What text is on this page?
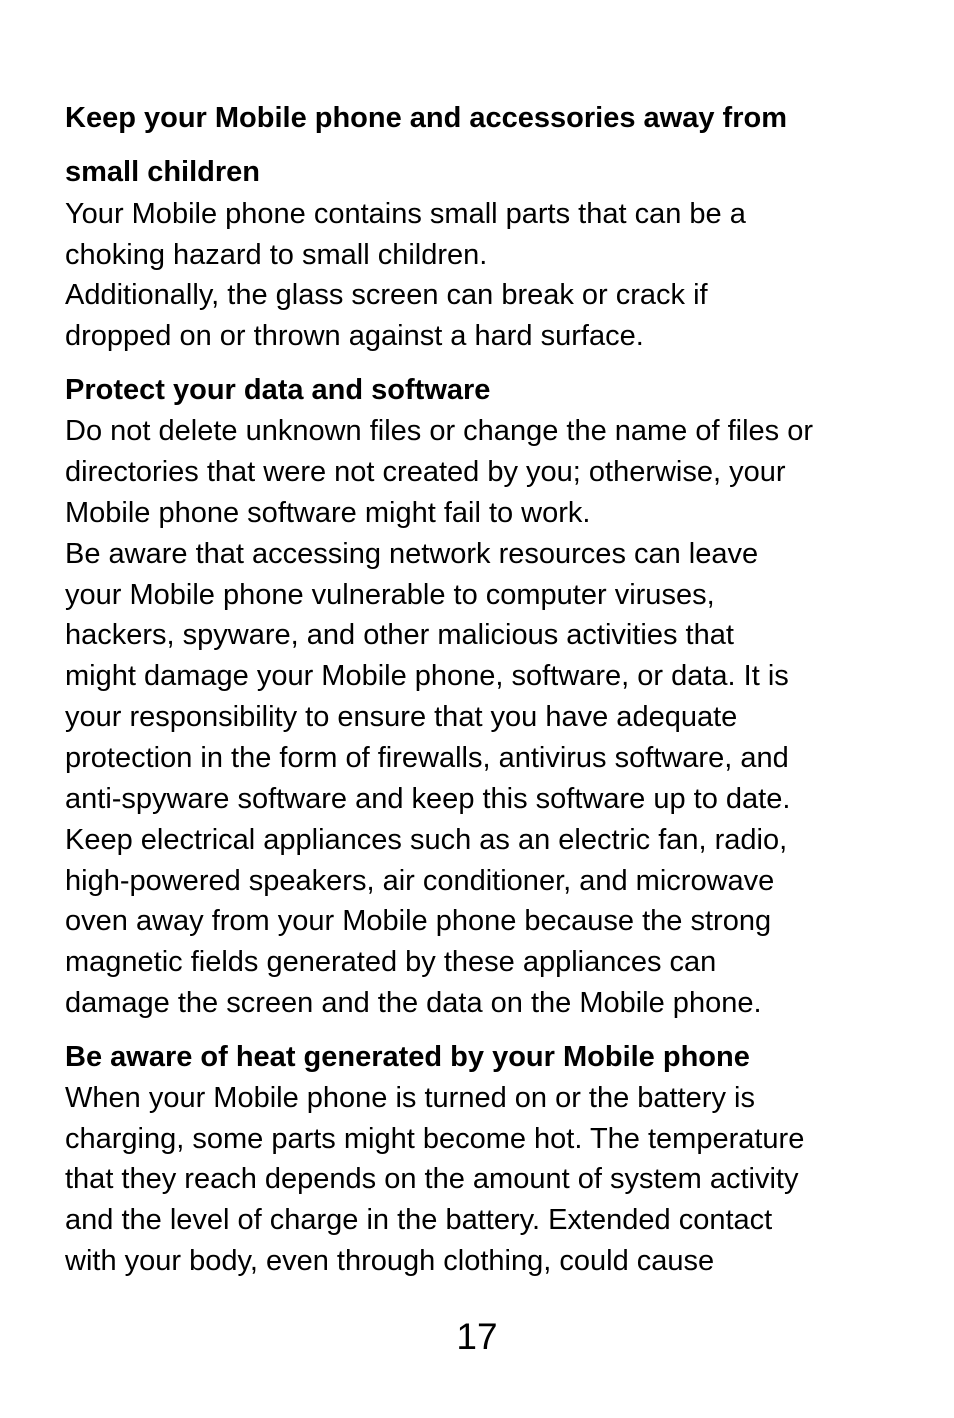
Keep your Mobile phone and accessories away from
small children

Your Mobile phone contains small parts that can be a

choking hazard to small children.

Additionally, the glass screen can break or crack if

dropped on or thrown against a hard surface.

Protect your data and software

Do not delete unknown files or change the name of files or

directories that were not created by you; otherwise, your

Mobile phone software might fail to work.

Be aware that accessing network resources can leave

your Mobile phone vulnerable to computer viruses,

hackers, spyware, and other malicious activities that

might damage your Mobile phone, software, or data. It is

your responsibility to ensure that you have adequate

protection in the form of firewalls, antivirus software, and

anti-spyware software and keep this software up to date.

Keep electrical appliances such as an electric fan, radio,

high-powered speakers, air conditioner, and microwave

oven away from your Mobile phone because the strong

magnetic fields generated by these appliances can

damage the screen and the data on the Mobile phone.

Be aware of heat generated by your Mobile phone

When your Mobile phone is turned on or the battery is

charging, some parts might become hot. The temperature

that they reach depends on the amount of system activity

and the level of charge in the battery. Extended contact

with your body, even through clothing, could cause

17
